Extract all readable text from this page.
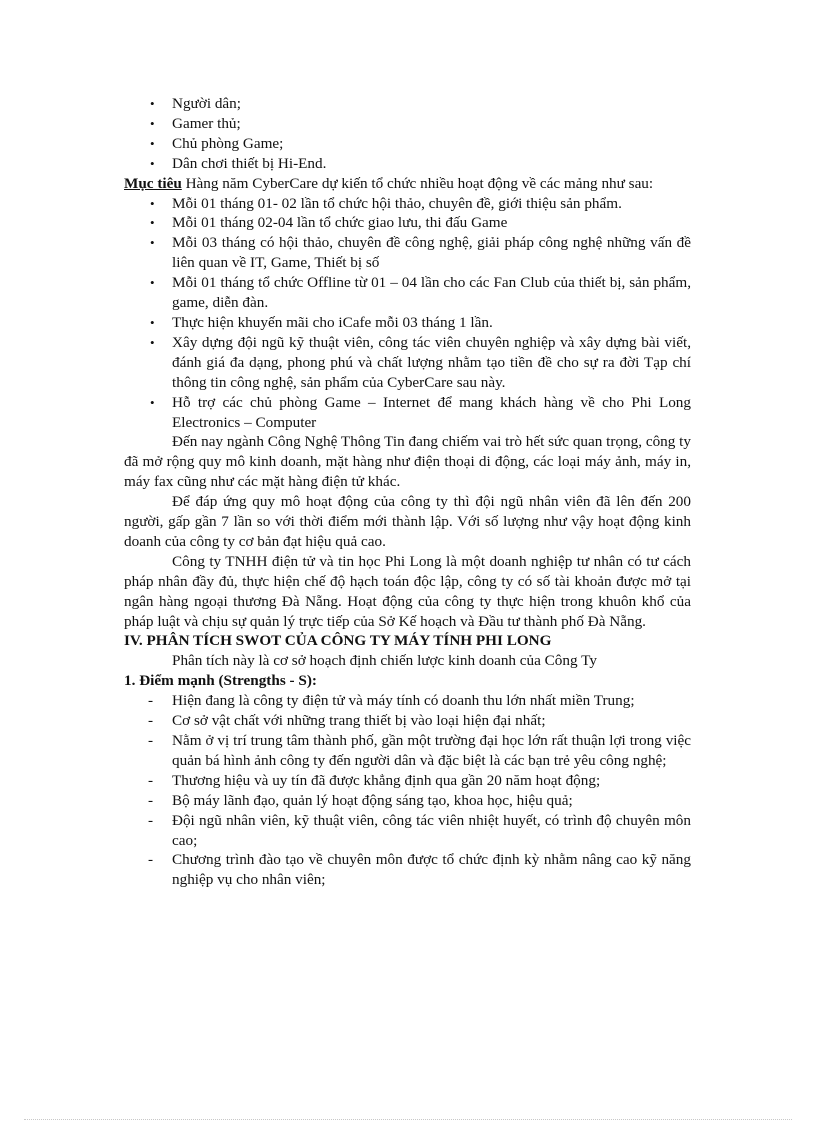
• Người dân;
• Gamer thủ;
• Chủ phòng Game;
• Dân chơi thiết bị Hi-End.

Mục tiêu Hàng năm CyberCare dự kiến tổ chức nhiều hoạt động về các mảng như sau:

• Mỗi 01 tháng 01- 02 lần tổ chức hội thảo, chuyên đề, giới thiệu sản phẩm.
• Mỗi 01 tháng 02-04 lần tổ chức giao lưu, thi đấu Game
• Mỗi 03 tháng có hội thảo, chuyên đề công nghệ, giải pháp công nghệ những vấn đề liên quan về IT, Game, Thiết bị số
• Mỗi 01 tháng tổ chức Offline từ 01 – 04 lần cho các Fan Club của thiết bị, sản phẩm, game, diễn đàn.
• Thực hiện khuyến mãi cho iCafe mỗi 03 tháng 1 lần.
• Xây dựng đội ngũ kỹ thuật viên, công tác viên chuyên nghiệp và xây dựng bài viết, đánh giá đa dạng, phong phú và chất lượng nhằm tạo tiền đề cho sự ra đời Tạp chí thông tin công nghệ, sản phẩm của CyberCare sau này.
• Hỗ trợ các chủ phòng Game – Internet để mang khách hàng về cho Phi Long Electronics – Computer

Đến nay ngành Công Nghệ Thông Tin đang chiếm vai trò hết sức quan trọng, công ty đã mở rộng quy mô kinh doanh, mặt hàng như điện thoại di động, các loại máy ảnh, máy in, máy fax cũng như các mặt hàng điện tử khác.

Để đáp ứng quy mô hoạt động của công ty thì đội ngũ nhân viên đã lên đến 200 người, gấp gần 7 lần so với thời điểm mới thành lập. Với số lượng như vậy hoạt động kinh doanh của công ty cơ bản đạt hiệu quả cao.

Công ty TNHH điện tử và tin học Phi Long là một doanh nghiệp tư nhân có tư cách pháp nhân đầy đủ, thực hiện chế độ hạch toán độc lập, công ty có số tài khoản được mở tại ngân hàng ngoại thương Đà Nẵng. Hoạt động của công ty thực hiện trong khuôn khổ của pháp luật và chịu sự quản lý trực tiếp của Sở Kế hoạch và Đầu tư thành phố Đà Nẵng.

IV. PHÂN TÍCH SWOT CỦA CÔNG TY MÁY TÍNH PHI LONG

Phân tích này là cơ sở hoạch định chiến lược kinh doanh của Công Ty

1. Điểm mạnh (Strengths - S):

- Hiện đang là công ty điện tử và máy tính có doanh thu lớn nhất miền Trung;
- Cơ sở vật chất với những trang thiết bị vào loại hiện đại nhất;
- Nằm ở vị trí trung tâm thành phố, gần một trường đại học lớn rất thuận lợi trong việc quản bá hình ảnh công ty đến người dân và đặc biệt là các bạn trẻ yêu công nghệ;
- Thương hiệu và uy tín đã được khẳng định qua gần 20 năm hoạt động;
- Bộ máy lãnh đạo, quản lý hoạt động sáng tạo, khoa học, hiệu quả;
- Đội ngũ nhân viên, kỹ thuật viên, công tác viên nhiệt huyết, có trình độ chuyên môn cao;
- Chương trình đào tạo về chuyên môn được tổ chức định kỳ nhằm nâng cao kỹ năng nghiệp vụ cho nhân viên;
